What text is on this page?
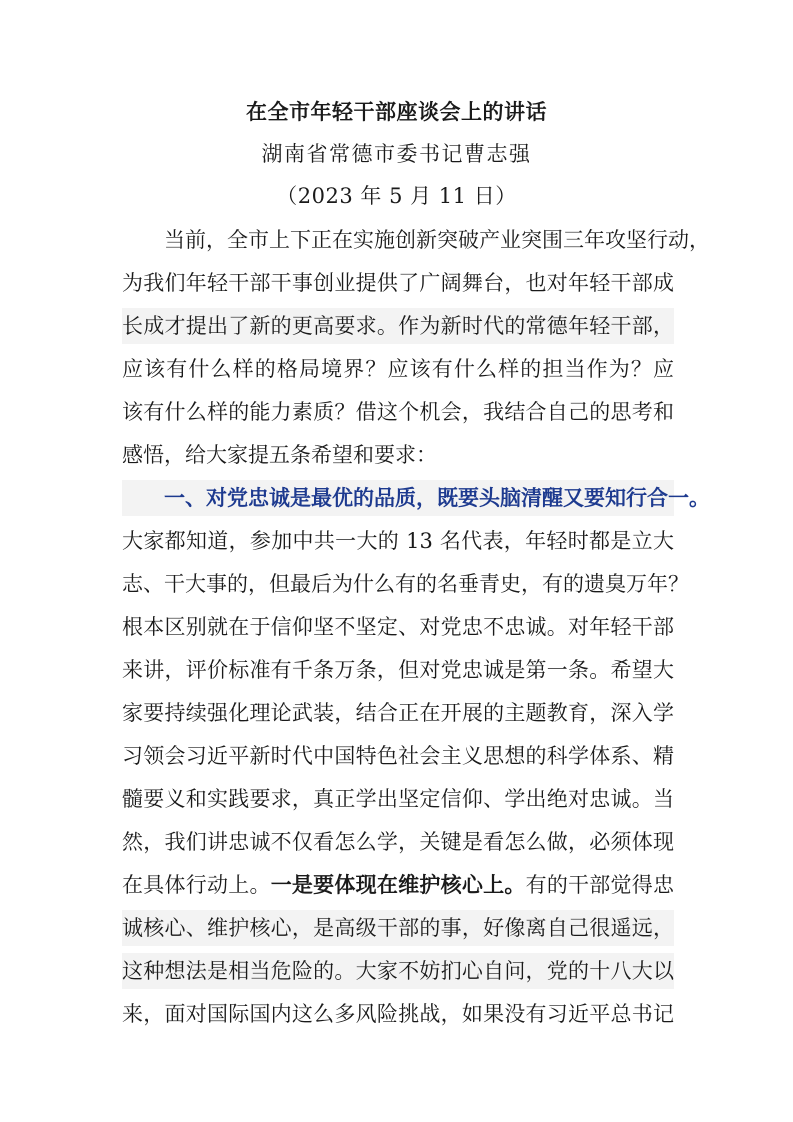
在全市年轻干部座谈会上的讲话
湖南省常德市委书记曹志强
（2023 年 5 月 11 日）
　　当前，全市上下正在实施创新突破产业突围三年攻坚行动，
为我们年轻干部干事创业提供了广阔舞台，也对年轻干部成
长成才提出了新的更高要求。作为新时代的常德年轻干部，
应该有什么样的格局境界？应该有什么样的担当作为？应
该有什么样的能力素质？借这个机会，我结合自己的思考和
感悟，给大家提五条希望和要求：
　　一、对党忠诚是最优的品质，既要头脑清醒又要知行合一。
大家都知道，参加中共一大的 13 名代表，年轻时都是立大
志、干大事的，但最后为什么有的名垂青史，有的遗臭万年？
根本区别就在于信仰坚不坚定、对党忠不忠诚。对年轻干部
来讲，评价标准有千条万条，但对党忠诚是第一条。希望大
家要持续强化理论武装，结合正在开展的主题教育，深入学
习领会习近平新时代中国特色社会主义思想的科学体系、精
髓要义和实践要求，真正学出坚定信仰、学出绝对忠诚。当
然，我们讲忠诚不仅看怎么学，关键是看怎么做，必须体现
在具体行动上。一是要体现在维护核心上。有的干部觉得忠
诚核心、维护核心，是高级干部的事，好像离自己很遥远，
这种想法是相当危险的。大家不妨扪心自问，党的十八大以
来，面对国际国内这么多风险挑战，如果没有习近平总书记
